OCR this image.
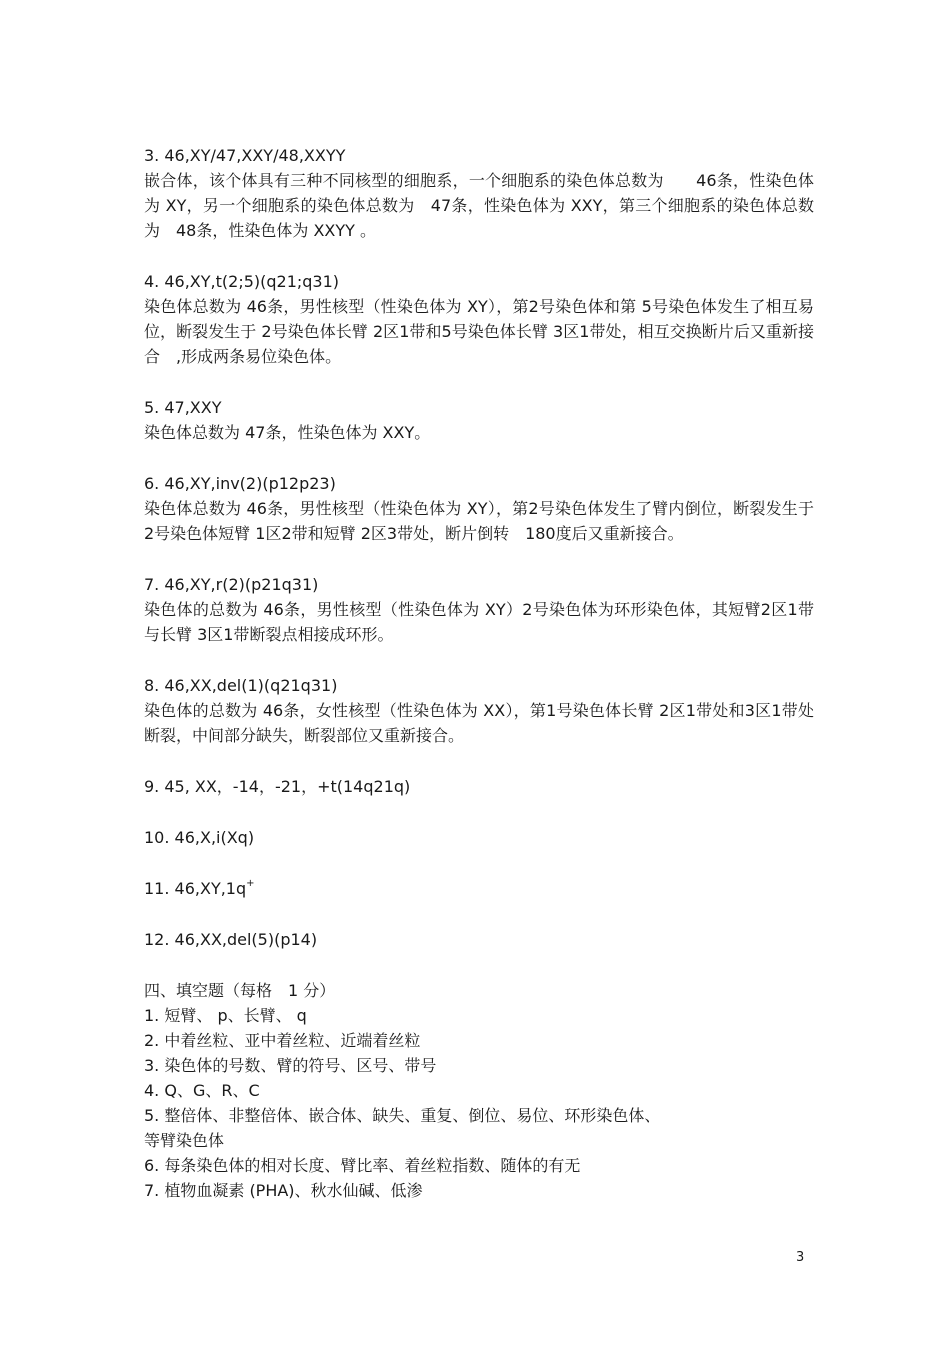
3. 46,XY/47,XXY/48,XXYY
嵌合体，该个体具有三种不同核型的细胞系，一个细胞系的染色体总数为　　46条，性染色体为 XY，另一个细胞系的染色体总数为　47条，性染色体为 XXY，第三个细胞系的染色体总数为　48条，性染色体为 XXYY 。
4. 46,XY,t(2;5)(q21;q31)
染色体总数为 46条，男性核型（性染色体为 XY），第2号染色体和第 5号染色体发生了相互易位，断裂发生于 2号染色体长臂 2区1带和5号染色体长臂 3区1带处，相互交换断片后又重新接合　,形成两条易位染色体。
5. 47,XXY
染色体总数为 47条，性染色体为 XXY。
6. 46,XY,inv(2)(p12p23)
染色体总数为 46条，男性核型（性染色体为 XY），第2号染色体发生了臂内倒位，断裂发生于 2号染色体短臂 1区2带和短臂 2区3带处，断片倒转　180度后又重新接合。
7. 46,XY,r(2)(p21q31)
染色体的总数为 46条，男性核型（性染色体为 XY）2号染色体为环形染色体，其短臂2区1带与长臂 3区1带断裂点相接成环形。
8. 46,XX,del(1)(q21q31)
染色体的总数为 46条，女性核型（性染色体为 XX），第1号染色体长臂 2区1带处和3区1带处断裂，中间部分缺失，断裂部位又重新接合。
9. 45, XX，-14，-21，+t(14q21q)
10. 46,X,i(Xq)
11. 46,XY,1q+
12. 46,XX,del(5)(p14)
四、填空题（每格　1 分）
1. 短臂、 p、长臂、 q
2. 中着丝粒、亚中着丝粒、近端着丝粒
3. 染色体的号数、臂的符号、区号、带号
4. Q、G、R、C
5. 整倍体、非整倍体、嵌合体、缺失、重复、倒位、易位、环形染色体、
等臂染色体
6. 每条染色体的相对长度、臂比率、着丝粒指数、随体的有无
7. 植物血凝素 (PHA)、秋水仙碱、低渗
3
